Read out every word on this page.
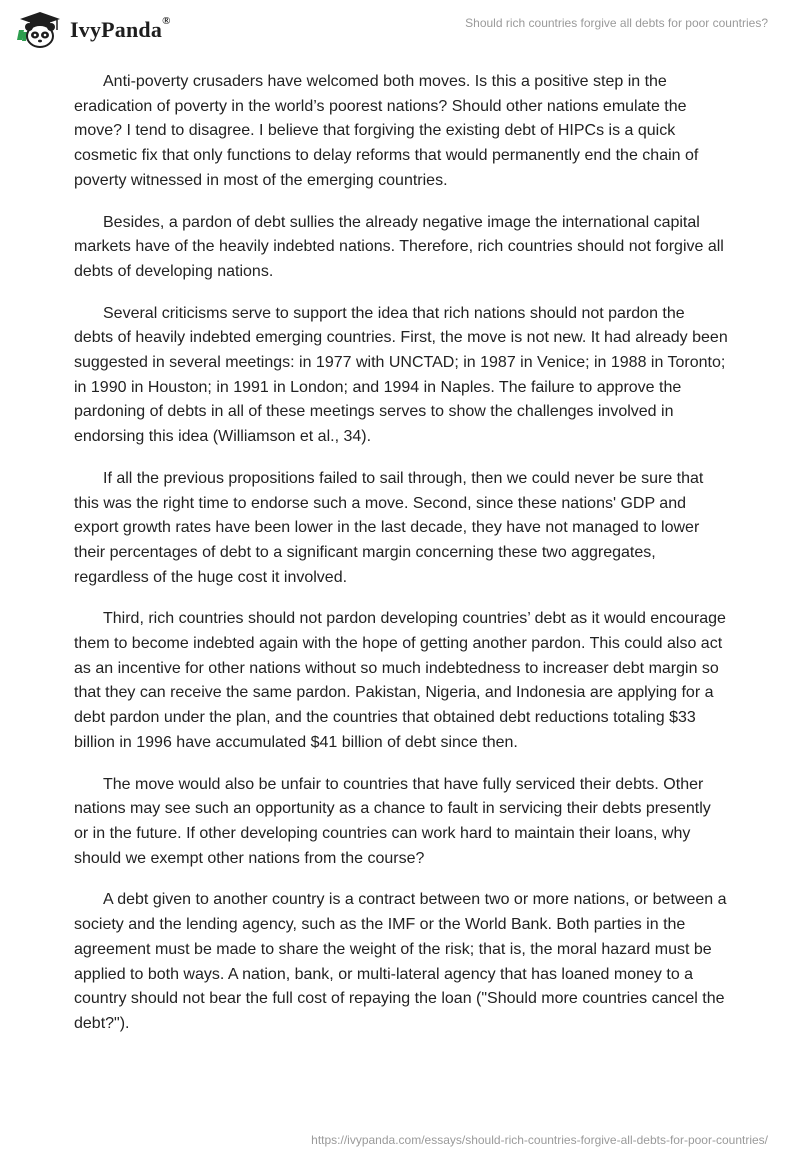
IvyPanda®	Should rich countries forgive all debts for poor countries?

Anti-poverty crusaders have welcomed both moves. Is this a positive step in the eradication of poverty in the world’s poorest nations? Should other nations emulate the move? I tend to disagree. I believe that forgiving the existing debt of HIPCs is a quick cosmetic fix that only functions to delay reforms that would permanently end the chain of poverty witnessed in most of the emerging countries.

Besides, a pardon of debt sullies the already negative image the international capital markets have of the heavily indebted nations. Therefore, rich countries should not forgive all debts of developing nations.

Several criticisms serve to support the idea that rich nations should not pardon the debts of heavily indebted emerging countries. First, the move is not new. It had already been suggested in several meetings: in 1977 with UNCTAD; in 1987 in Venice; in 1988 in Toronto; in 1990 in Houston; in 1991 in London; and 1994 in Naples. The failure to approve the pardoning of debts in all of these meetings serves to show the challenges involved in endorsing this idea (Williamson et al., 34).

If all the previous propositions failed to sail through, then we could never be sure that this was the right time to endorse such a move. Second, since these nations' GDP and export growth rates have been lower in the last decade, they have not managed to lower their percentages of debt to a significant margin concerning these two aggregates, regardless of the huge cost it involved.

Third, rich countries should not pardon developing countries’ debt as it would encourage them to become indebted again with the hope of getting another pardon. This could also act as an incentive for other nations without so much indebtedness to increaser debt margin so that they can receive the same pardon. Pakistan, Nigeria, and Indonesia are applying for a debt pardon under the plan, and the countries that obtained debt reductions totaling $33 billion in 1996 have accumulated $41 billion of debt since then.

The move would also be unfair to countries that have fully serviced their debts. Other nations may see such an opportunity as a chance to fault in servicing their debts presently or in the future. If other developing countries can work hard to maintain their loans, why should we exempt other nations from the course?

A debt given to another country is a contract between two or more nations, or between a society and the lending agency, such as the IMF or the World Bank. Both parties in the agreement must be made to share the weight of the risk; that is, the moral hazard must be applied to both ways. A nation, bank, or multi-lateral agency that has loaned money to a country should not bear the full cost of repaying the loan ("Should more countries cancel the debt?").

https://ivypanda.com/essays/should-rich-countries-forgive-all-debts-for-poor-countries/
